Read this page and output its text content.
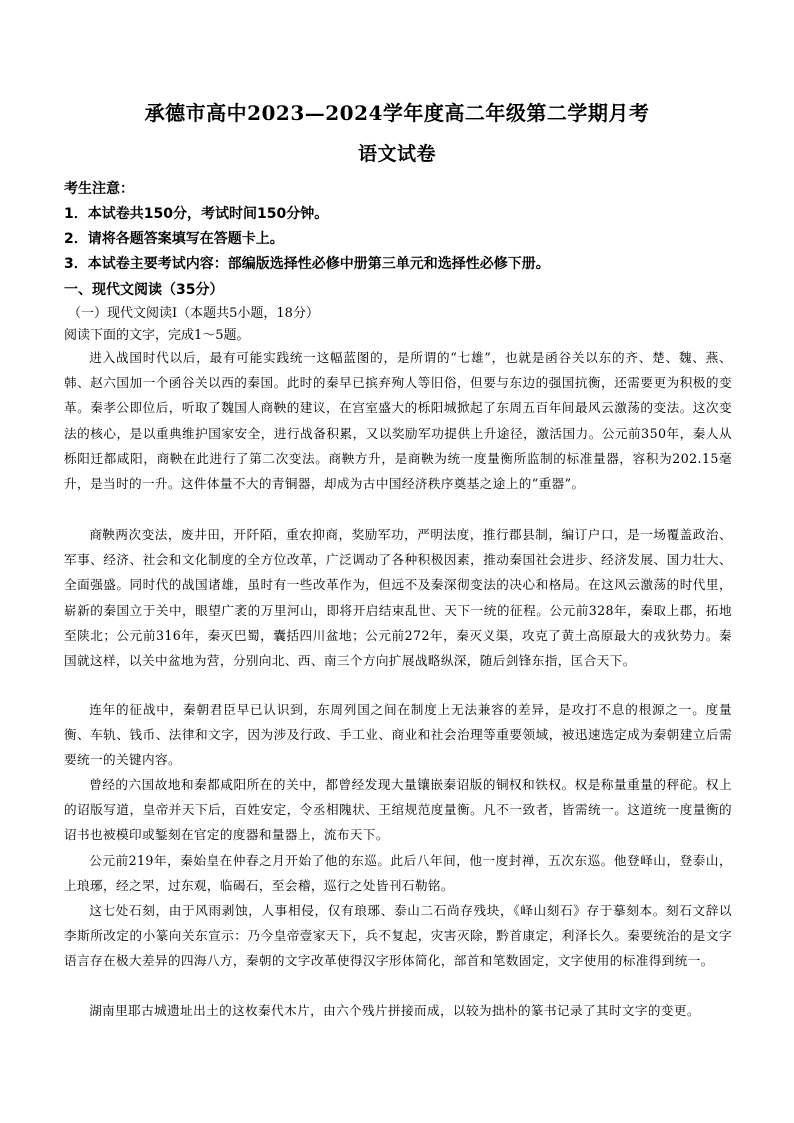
承德市高中2023—2024学年度高二年级第二学期月考
语文试卷
考生注意：
1．本试卷共150分，考试时间150分钟。
2．请将各题答案填写在答题卡上。
3．本试卷主要考试内容：部编版选择性必修中册第三单元和选择性必修下册。
一、现代文阅读（35分）
（一）现代文阅读Ⅰ（本题共5小题，18分）
阅读下面的文字，完成1～5题。

进入战国时代以后，最有可能实践统一这幅蓝图的，是所谓的“七雄”，也就是函谷关以东的齐、楚、魏、燕、韩、赵六国加一个函谷关以西的秦国。此时的秦早已摈弃殉人等旧俗，但要与东边的强国抗衡，还需要更为积极的变革。秦孝公即位后，听取了魏国人商鞅的建议，在宫室盛大的栎阳城掀起了东周五百年间最风云激荡的变法。这次变法的核心，是以重典维护国家安全，进行战备积累，又以奖励军功提供上升途径，激活国力。公元前350年，秦人从栎阳迁都咸阳，商鞅在此进行了第二次变法。商鞅方升，是商鞅为统一度量衡所监制的标准量器，容积为202.15毫升，是当时的一升。这件体量不大的青铜器，却成为古中国经济秩序奠基之途上的“重器”。

商鞅两次变法，废井田，开阡陌，重农抑商，奖励军功，严明法度，推行郡县制，编订户口，是一场覆盖政治、军事、经济、社会和文化制度的全方位改革，广泛调动了各种积极因素，推动秦国社会进步、经济发展、国力壮大、全面强盛。同时代的战国诸雄，虽时有一些改革作为，但远不及秦深彻变法的决心和格局。在这风云激荡的时代里，崭新的秦国立于关中，眼望广袤的万里河山，即将开启结束乱世、天下一统的征程。公元前328年，秦取上郡，拓地至陕北；公元前316年，秦灭巴蜀，囊括四川盆地；公元前272年，秦灭义渠，攻克了黄土高原最大的戎狄势力。秦国就这样，以关中盆地为营，分别向北、西、南三个方向扩展战略纵深，随后剑锋东指，匡合天下。

连年的征战中，秦朝君臣早已认识到，东周列国之间在制度上无法兼容的差异，是攻打不息的根源之一。度量衡、车轨、钱币、法律和文字，因为涉及行政、手工业、商业和社会治理等重要领域，被迅速选定成为秦朝建立后需要统一的关键内容。

曾经的六国故地和秦都咸阳所在的关中，都曾经发现大量镶嵌秦诏版的铜权和铁权。权是称量重量的秤砣。权上的诏版写道，皇帝并天下后，百姓安定，令丞相隗状、王绾规范度量衡。凡不一致者，皆需统一。这道统一度量衡的诏书也被模印或錾刻在官定的度器和量器上，流布天下。

公元前219年，秦始皇在仲春之月开始了他的东巡。此后八年间，他一度封禅，五次东巡。他登峄山，登泰山，上琅琊，经之罘，过东观，临碣石，至会稽，巡行之处皆刊石勒铭。

这七处石刻，由于风雨剥蚀，人事相侵，仅有琅琊、泰山二石尚存残块，《峄山刻石》存于摹刻本。刻石文辞以李斯所改定的小篆向关东宣示：乃今皇帝壹家天下，兵不复起，灾害灭除，黔首康定，利泽长久。秦要统治的是文字语言存在极大差异的四海八方，秦朝的文字改革使得汉字形体简化，部首和笔数固定，文字使用的标准得到统一。

湖南里耶古城遗址出土的这枚秦代木片，由六个残片拼接而成，以较为拙朴的篆书记录了其时文字的变更。
